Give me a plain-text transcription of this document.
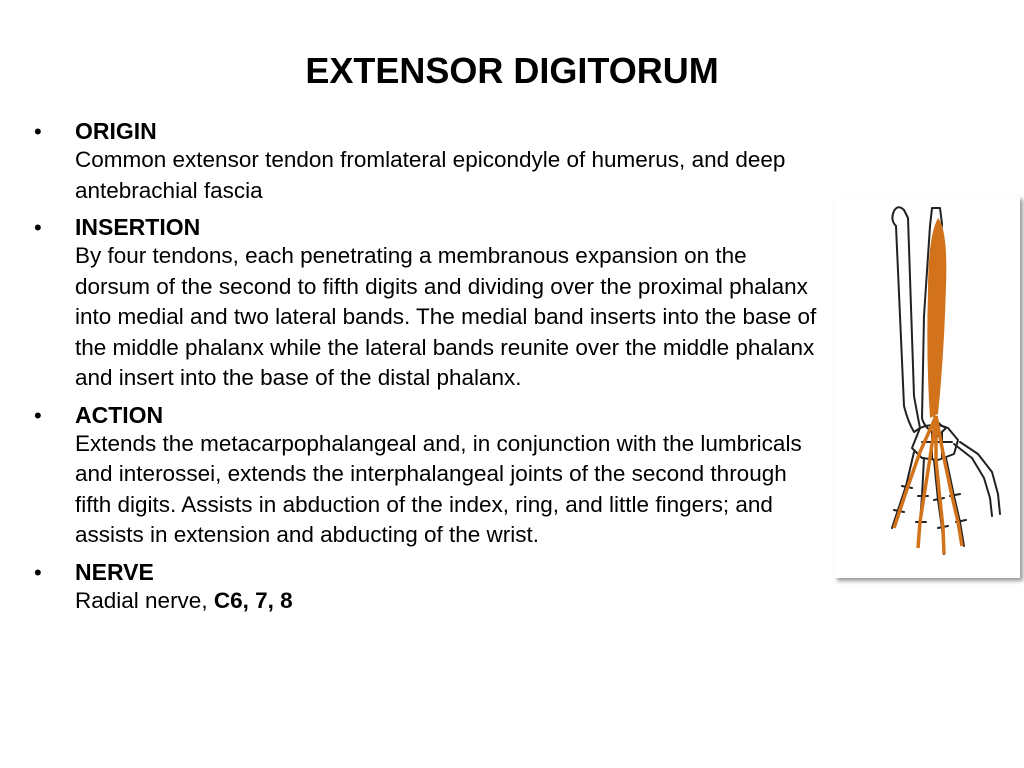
EXTENSOR DIGITORUM
• ORIGIN
Common extensor tendon fromlateral epicondyle of humerus, and deep antebrachial fascia
• INSERTION
By four tendons, each penetrating a membranous expansion on the dorsum of the second to fifth digits and dividing over the proximal phalanx into medial and two lateral bands. The medial band inserts into the base of the middle phalanx while the lateral bands reunite over the middle phalanx and insert into the base of the distal phalanx.
• ACTION
Extends the metacarpophalangeal and, in conjunction with the lumbricals and interossei, extends the interphalangeal joints of the second through fifth digits. Assists in abduction of the index, ring, and little fingers; and assists in extension and abducting of the wrist.
• NERVE
Radial nerve, C6, 7, 8
